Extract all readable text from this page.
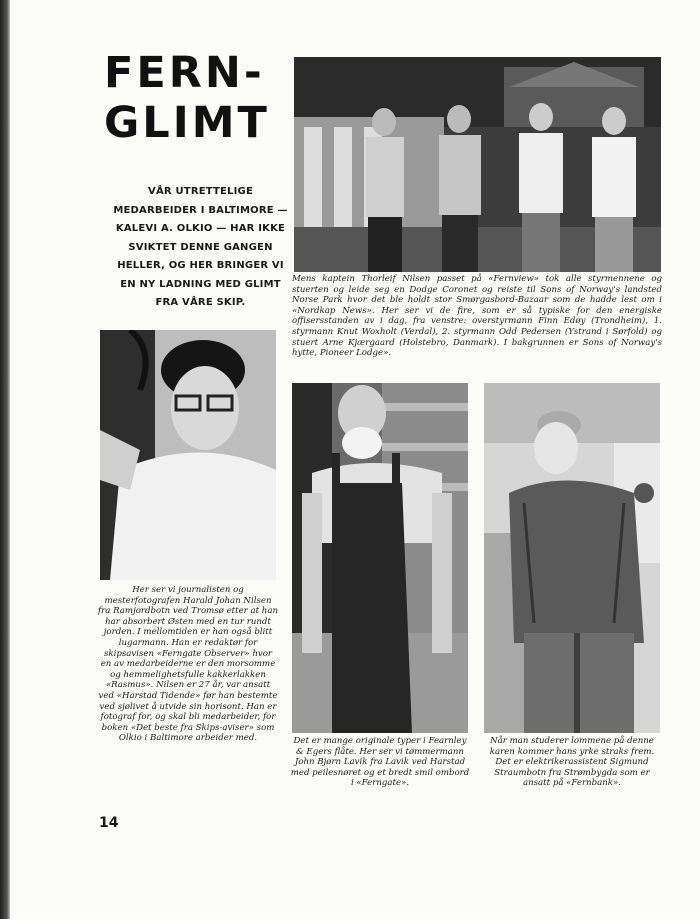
FERN-
GLIMT

VÅR UTRETTELIGE MEDARBEIDER I BALTIMORE — KALEVI A. OLKIO — HAR IKKE SVIKTET DENNE GANGEN HELLER, OG HER BRINGER VI EN NY LADNING MED GLIMT FRA VÅRE SKIP.

Mens kaptein Thorleif Nilsen passet på «Fernview» tok alle styrmennene og stuerten og leide seg en Dodge Coronet og reiste til Sons of Norway's landsted Norse Park hvor det ble holdt stor Smørgasbord-Bazaar som de hadde lest om i «Nordkap News». Her ser vi de fire, som er så typiske for den energiske offisersstanden av i dag, fra venstre: overstyrmann Finn Edøy (Trondheim), 1. styrmann Knut Woxholt (Verdal), 2. styrmann Odd Pedersen (Ystrand i Sørfold) og stuert Arne Kjærgaard (Holstebro, Danmark). I bakgrunnen er Sons of Norway's hytte, Pioneer Lodge».

Her ser vi journalisten og mesterfotografen Harald Johan Nilsen fra Ramjordbotn ved Tromsø etter at han har absorbert Østen med en tur rundt jorden. I mellomtiden er han også blitt lugarmann. Han er redaktør for skipsavisen «Ferngate Observer» hvor en av medarbeiderne er den morsomme og hemmelighetsfulle kakkerlakken «Rasmus». Nilsen er 27 år, var ansatt ved «Harstad Tidende» før han bestemte ved sjølivet å utvide sin horisont. Han er fotograf for, og skal bli medarbeider, for boken «Det beste fra Skips-aviser» som Olkio i Baltimore arbeider med.	Det er mange originale typer i Fearnley & Egers flåte. Her ser vi tømmermann John Bjørn Lavik fra Lavik ved Harstad med peilesnøret og et bredt smil ombord i «Ferngate».

Når man studerer lommene på denne karen kommer hans yrke straks frem. Det er elektrikerassistent Sigmund Straumbotn fra Strømbygda som er ansatt på «Fernbank».

14
